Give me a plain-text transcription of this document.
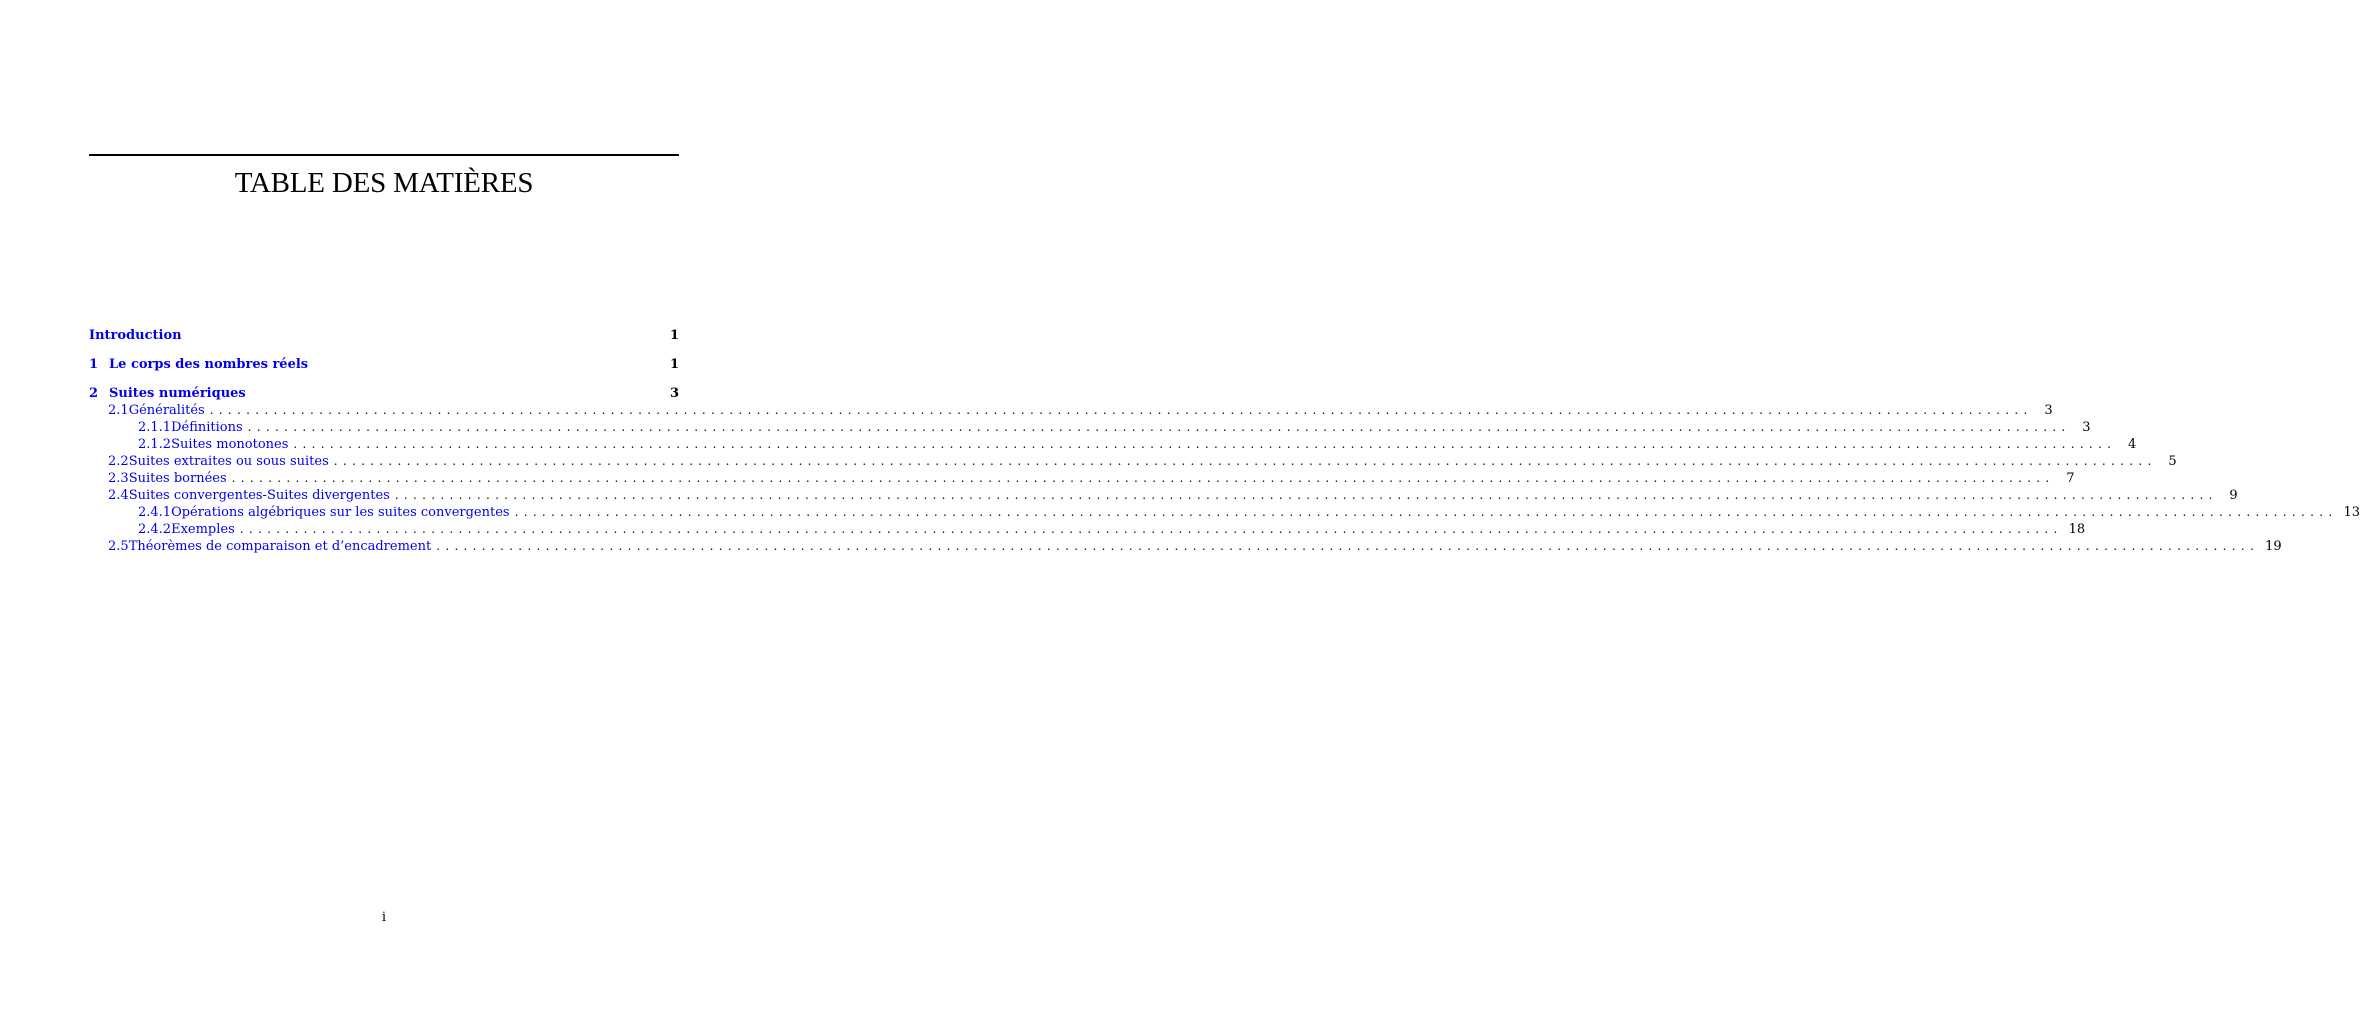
TABLE DES MATIÈRES
Introduction	1
1 Le corps des nombres réels	1
2 Suites numériques	3
2.1 Généralités ........................................................................................................................................................................................................ 3
2.1.1 Définitions ........................................................................................................................................................................................................ 3
2.1.2 Suites monotones ........................................................................................................................................................................................................ 4
2.2 Suites extraites ou sous suites ........................................................................................................................................................................................................ 5
2.3 Suites bornées ........................................................................................................................................................................................................ 7
2.4 Suites convergentes-Suites divergentes ........................................................................................................................................................................................................ 9
2.4.1 Opérations algébriques sur les suites convergentes ........................................................................................................................................................................................................ 13
2.4.2 Exemples ........................................................................................................................................................................................................ 18
2.5 Théorèmes de comparaison et d’encadrement ........................................................................................................................................................................................................ 19
i
